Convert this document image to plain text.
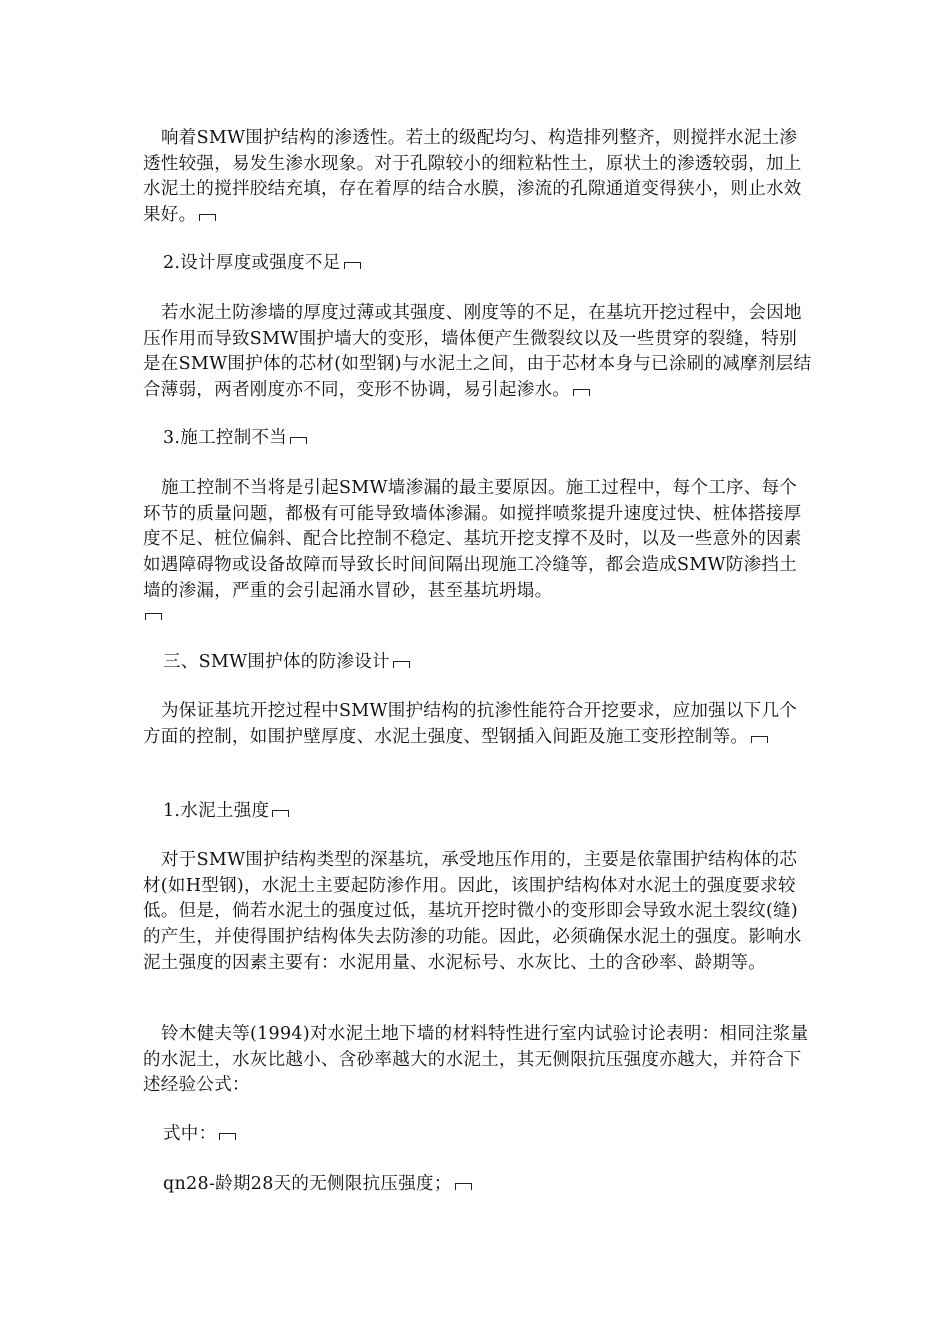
响着SMW围护结构的渗透性。若土的级配均匀、构造排列整齐，则搅拌水泥土渗透性较强，易发生渗水现象。对于孔隙较小的细粒粘性土，原状土的渗透较弱，加上水泥土的搅拌胶结充填，存在着厚的结合水膜，渗流的孔隙通道变得狭小，则止水效果好。

2.设计厚度或强度不足

若水泥土防渗墙的厚度过薄或其强度、刚度等的不足，在基坑开挖过程中，会因地压作用而导致SMW围护墙大的变形，墙体便产生微裂纹以及一些贯穿的裂缝，特别是在SMW围护体的芯材(如型钢)与水泥土之间，由于芯材本身与已涂刷的减摩剂层结合薄弱，两者刚度亦不同，变形不协调，易引起渗水。

3.施工控制不当

施工控制不当将是引起SMW墙渗漏的最主要原因。施工过程中，每个工序、每个环节的质量问题，都极有可能导致墙体渗漏。如搅拌喷浆提升速度过快、桩体搭接厚度不足、桩位偏斜、配合比控制不稳定、基坑开挖支撑不及时，以及一些意外的因素如遇障碍物或设备故障而导致长时间间隔出现施工冷缝等，都会造成SMW防渗挡土墙的渗漏，严重的会引起涌水冒砂，甚至基坑坍塌。

三、SMW围护体的防渗设计

为保证基坑开挖过程中SMW围护结构的抗渗性能符合开挖要求，应加强以下几个方面的控制，如围护壁厚度、水泥土强度、型钢插入间距及施工变形控制等。

1.水泥土强度

对于SMW围护结构类型的深基坑，承受地压作用的，主要是依靠围护结构体的芯材(如H型钢)，水泥土主要起防渗作用。因此，该围护结构体对水泥土的强度要求较低。但是，倘若水泥土的强度过低，基坑开挖时微小的变形即会导致水泥土裂纹(缝)的产生，并使得围护结构体失去防渗的功能。因此，必须确保水泥土的强度。影响水泥土强度的因素主要有：水泥用量、水泥标号、水灰比、土的含砂率、龄期等。

铃木健夫等(1994)对水泥土地下墙的材料特性进行室内试验讨论表明：相同注浆量的水泥土，水灰比越小、含砂率越大的水泥土，其无侧限抗压强度亦越大，并符合下述经验公式：

式中：

qn28-龄期28天的无侧限抗压强度；
